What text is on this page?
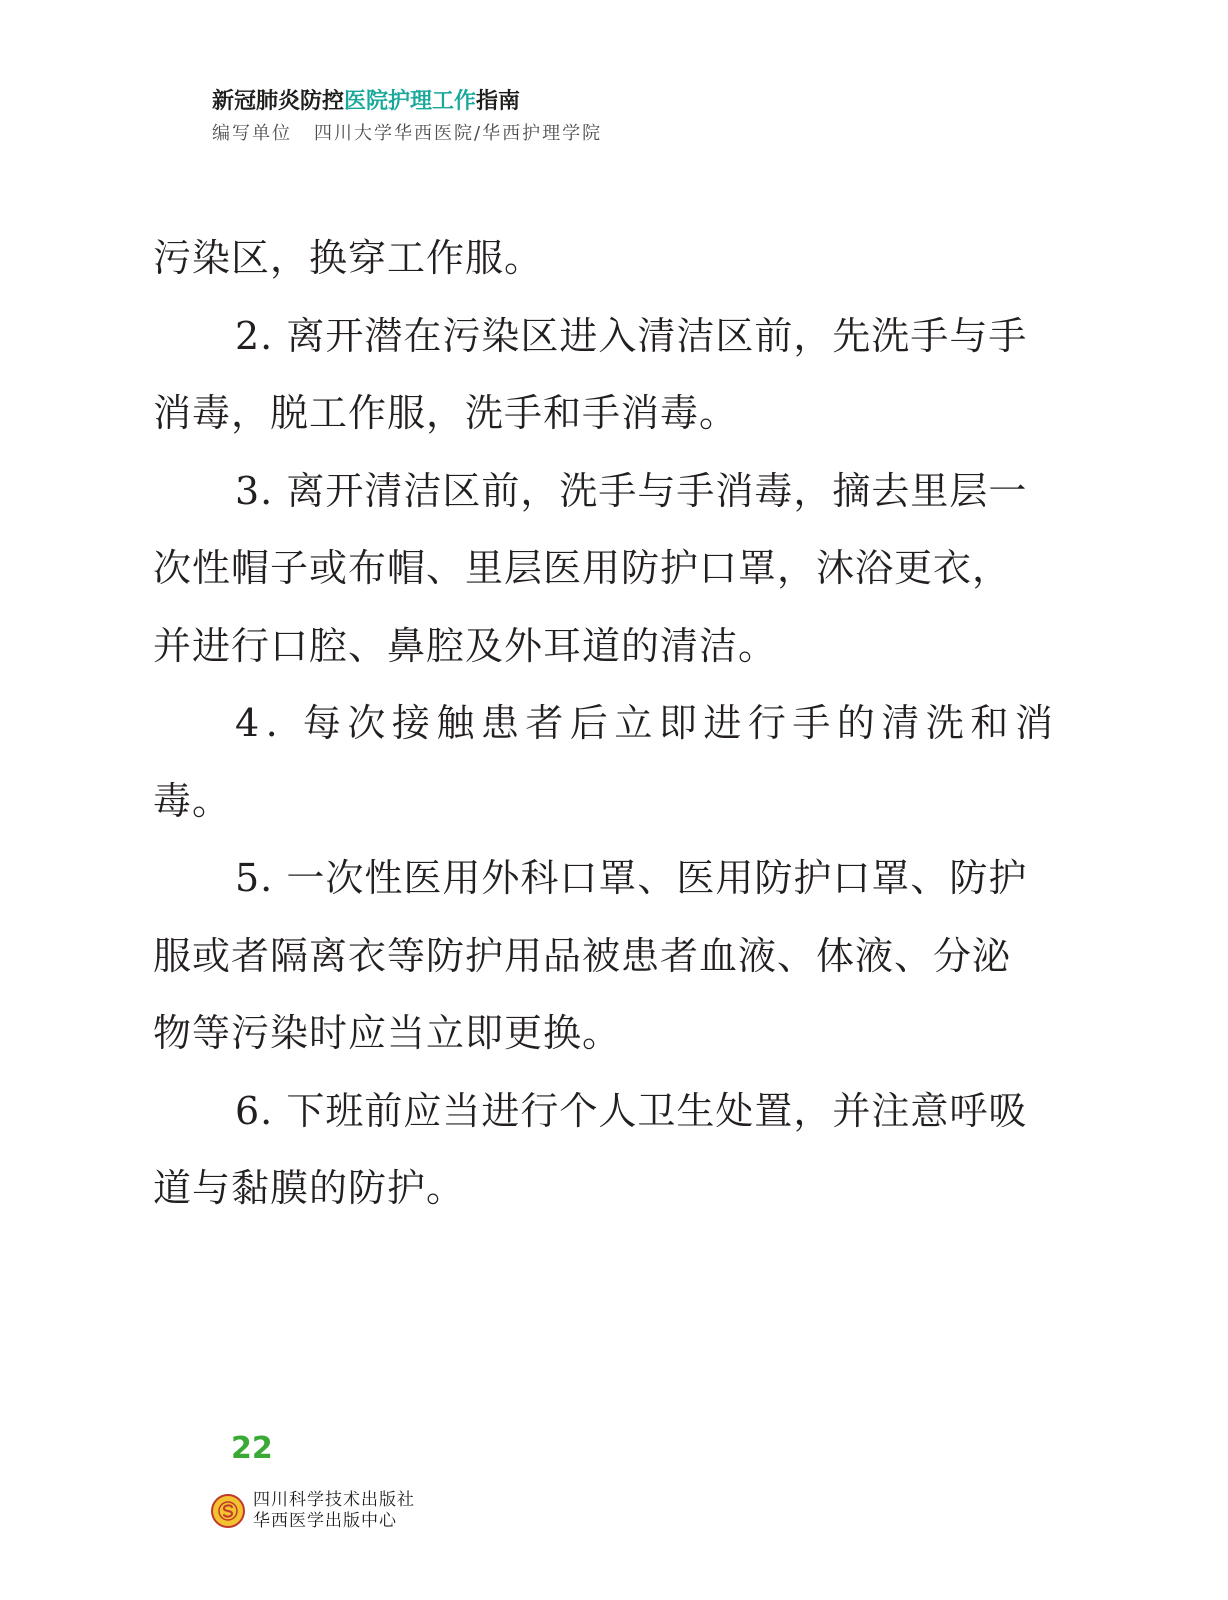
新冠肺炎防控医院护理工作指南
编写单位 四川大学华西医院/华西护理学院
污染区，换穿工作服。
2. 离开潜在污染区进入清洁区前，先洗手与手
消毒，脱工作服，洗手和手消毒。
3. 离开清洁区前，洗手与手消毒，摘去里层一
次性帽子或布帽、里层医用防护口罩，沐浴更衣，
并进行口腔、鼻腔及外耳道的清洁。
4. 每次接触患者后立即进行手的清洗和消
毒。
5. 一次性医用外科口罩、医用防护口罩、防护
服或者隔离衣等防护用品被患者血液、体液、分泌
物等污染时应当立即更换。
6. 下班前应当进行个人卫生处置，并注意呼吸
道与黏膜的防护。
22
四川科学技术出版社
华西医学出版中心
